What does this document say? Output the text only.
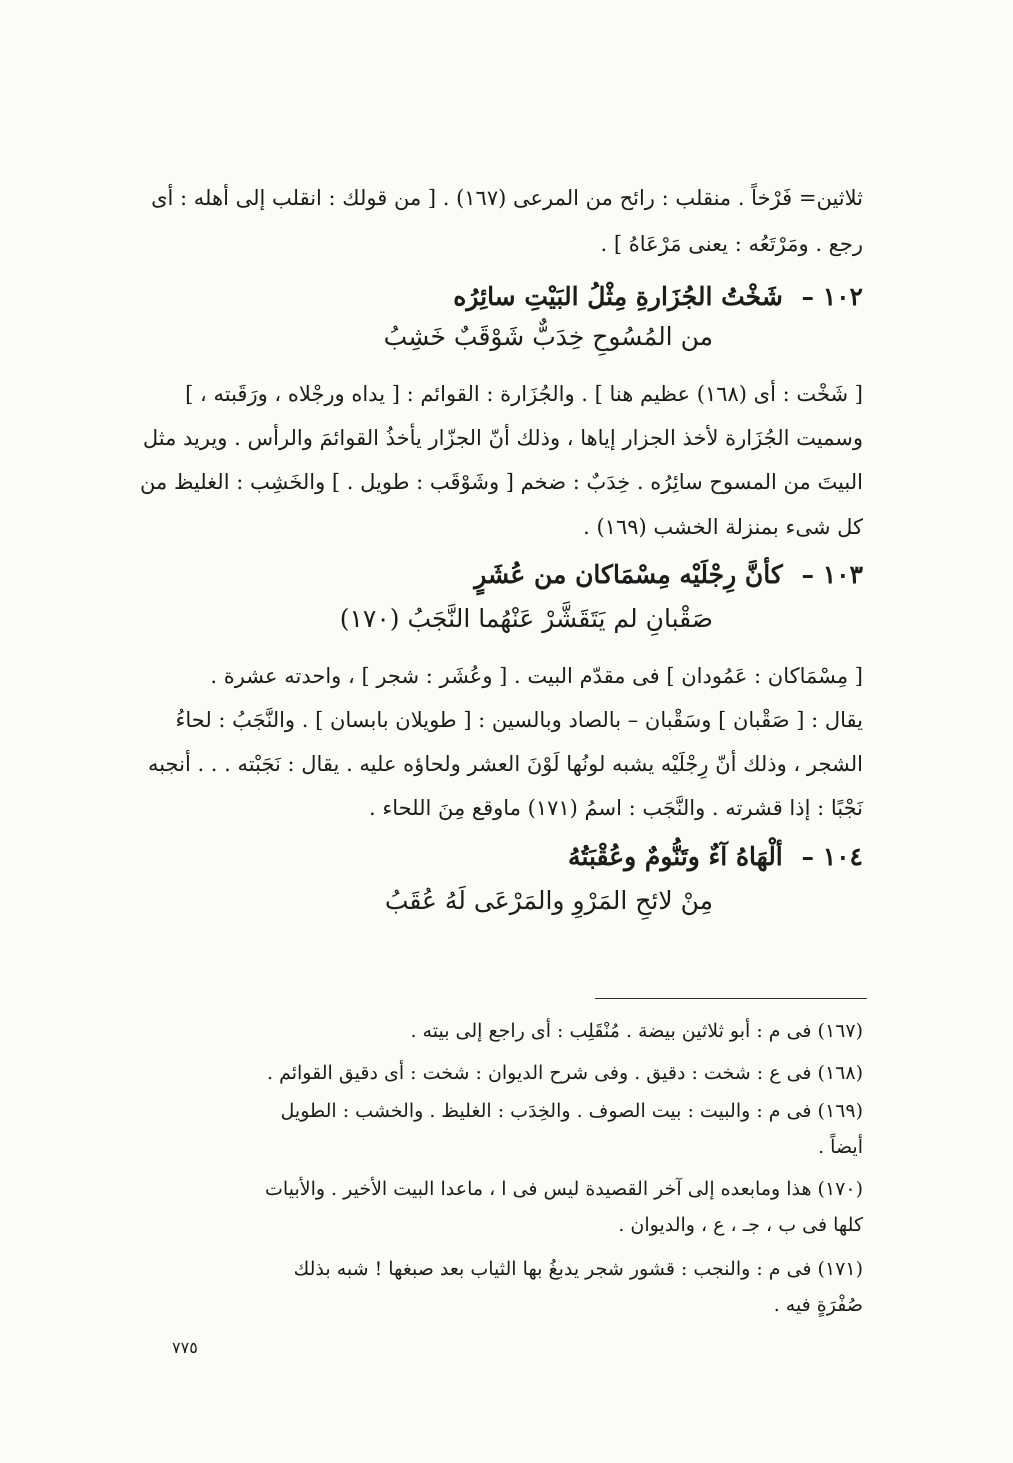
ثلاثين= فَرْخاً . منقلب : رائح من المرعى (١٦٧) . [ من قولك : انقلب إلى أهله : أى
رجع . ومَرْتَعُه : يعنى مَرْعَاهُ ] .
١٠٢ – شَخْتُ الجُزَارةِ مِثْلُ البَيْتِ سائِرُه
من المُسُوحِ خِدَبٌّ شَوْقَبٌ خَشِبُ
[ شَخْت : أى (١٦٨) عظيم هنا ] . والجُزَارة : القوائم : [ يداه ورجْلاه ، ورَقَبته ، ]
وسميت الجُزَارة لأخذ الجزار إياها ، وذلك أنّ الجزّار يأخذُ القوائمَ والرأس . ويريد مثل
البيتَ من المسوح سائِرُه . خِدَبٌ : ضخم [ وشَوْقَب : طويل . ] والخَشِب : الغليظ من
كل شىء بمنزلة الخشب (١٦٩) .
١٠٣ – كأنَّ رِجْلَيْه مِسْمَاكان من عُشَرٍ
صَقْبانِ لم يَتَقَشَّرْ عَنْهُما النَّجَبُ (١٧٠)
[ مِسْمَاكان : عَمُودان ] فى مقدّم البيت . [ وعُشَر : شجر ] ، واحدته عشرة .
يقال : [ صَقْبان ] وسَقْبان – بالصاد وبالسين : [ طويلان بابسان ] . والنَّجَبُ : لحاءُ
الشجر ، وذلك أنّ رِجْلَيْه يشبه لونُها لَوْنَ العشر ولحاؤه عليه . يقال : نَجَبْته . . . أنجبه
نَجْبًا : إذا قشرته . والنَّجَب : اسمُ (١٧١) ماوقع مِنَ اللحاء .
١٠٤ – ألْهَاهُ آءٌ وتَنُّومٌ وعُقْبَتُهُ
مِنْ لائحِ المَرْوِ والمَرْعَى لَهُ عُقَبُ
(١٦٧) فى م : أبو ثلاثين بيضة . مُنْقَلِب : أى راجع إلى بيته .
(١٦٨) فى ع : شخت : دقيق . وفى شرح الديوان : شخت : أى دقيق القوائم .
(١٦٩) فى م : والبيت : بيت الصوف . والخِدَب : الغليظ . والخشب : الطويل
أيضاً .
(١٧٠) هذا ومابعده إلى آخر القصيدة ليس فى ا ، ماعدا البيت الأخير . والأبيات
كلها فى ب ، جـ ، ع ، والديوان .
(١٧١) فى م : والنجب : قشور شجر يدبغُ بها الثياب بعد صبغها ! شبه بذلك
صُفْرَةٍ فيه .
٧٧٥
